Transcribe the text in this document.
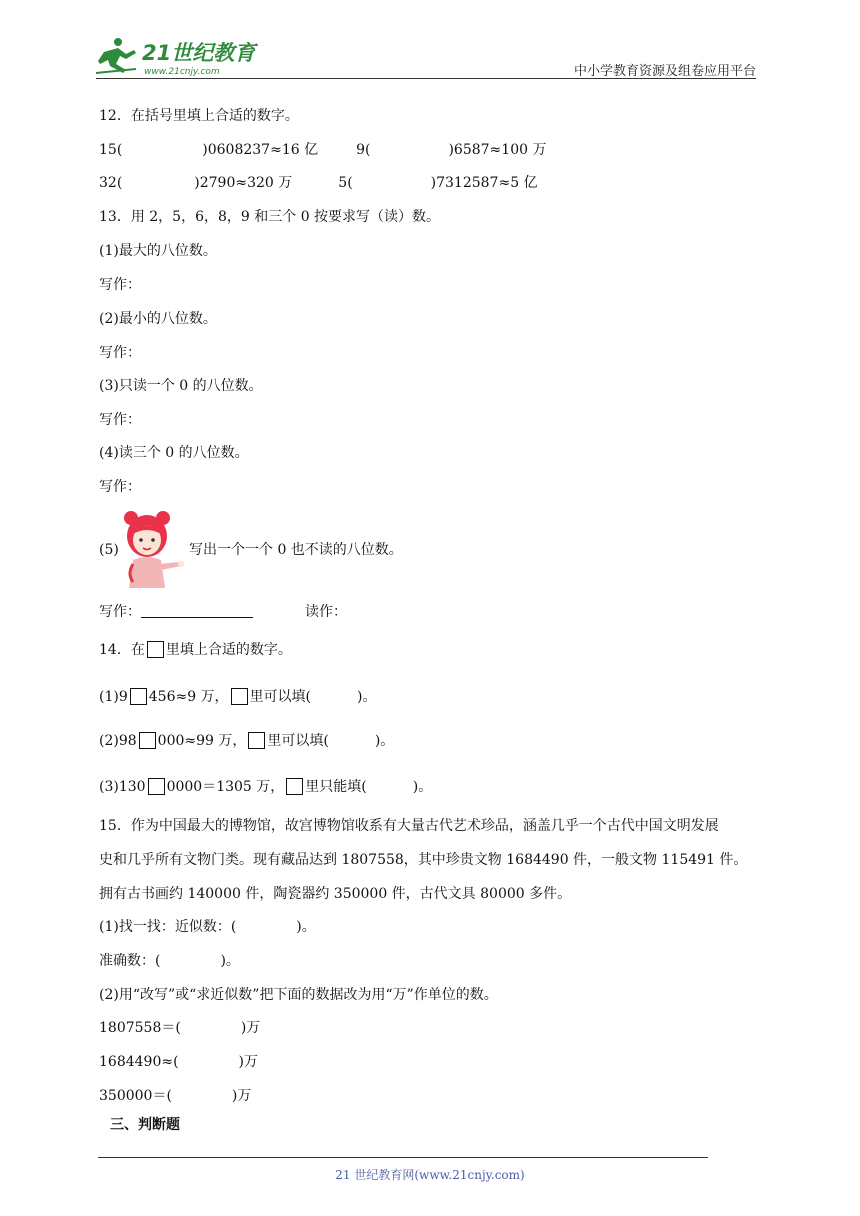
21世纪教育
www.21cnjy.com	中小学教育资源及组卷应用平台
12．在括号里填上合适的数字。
15(	)0608237≈16 亿	9(	)6587≈100 万
32(	)2790≈320 万	5(	)7312587≈5 亿
13．用 2，5，6，8，9 和三个 0 按要求写（读）数。
(1)最大的八位数。
写作：
(2)最小的八位数。
写作：
(3)只读一个 0 的八位数。
写作：
(4)读三个 0 的八位数。
写作：
(5)	写出一个一个 0 也不读的八位数。
写作：	读作：
14．在 里填上合适的数字。
(1)9 456≈9 万， 里可以填(	)。
(2)98 000≈99 万， 里可以填(	)。
(3)130 0000＝1305 万， 里只能填(	)。
15．作为中国最大的博物馆，故宫博物馆收系有大量古代艺术珍品，涵盖几乎一个古代中国文明发展
史和几乎所有文物门类。现有藏品达到 1807558，其中珍贵文物 1684490 件，一般文物 115491 件。
拥有古书画约 140000 件，陶瓷器约 350000 件，古代文具 80000 多件。
(1)找一找：近似数：(	)。
准确数：(	)。
(2)用“改写”或“求近似数”把下面的数据改为用“万”作单位的数。
1807558＝(	)万
1684490≈(	)万
350000＝(	)万
三、判断题
21 世纪教育网(www.21cnjy.com)
